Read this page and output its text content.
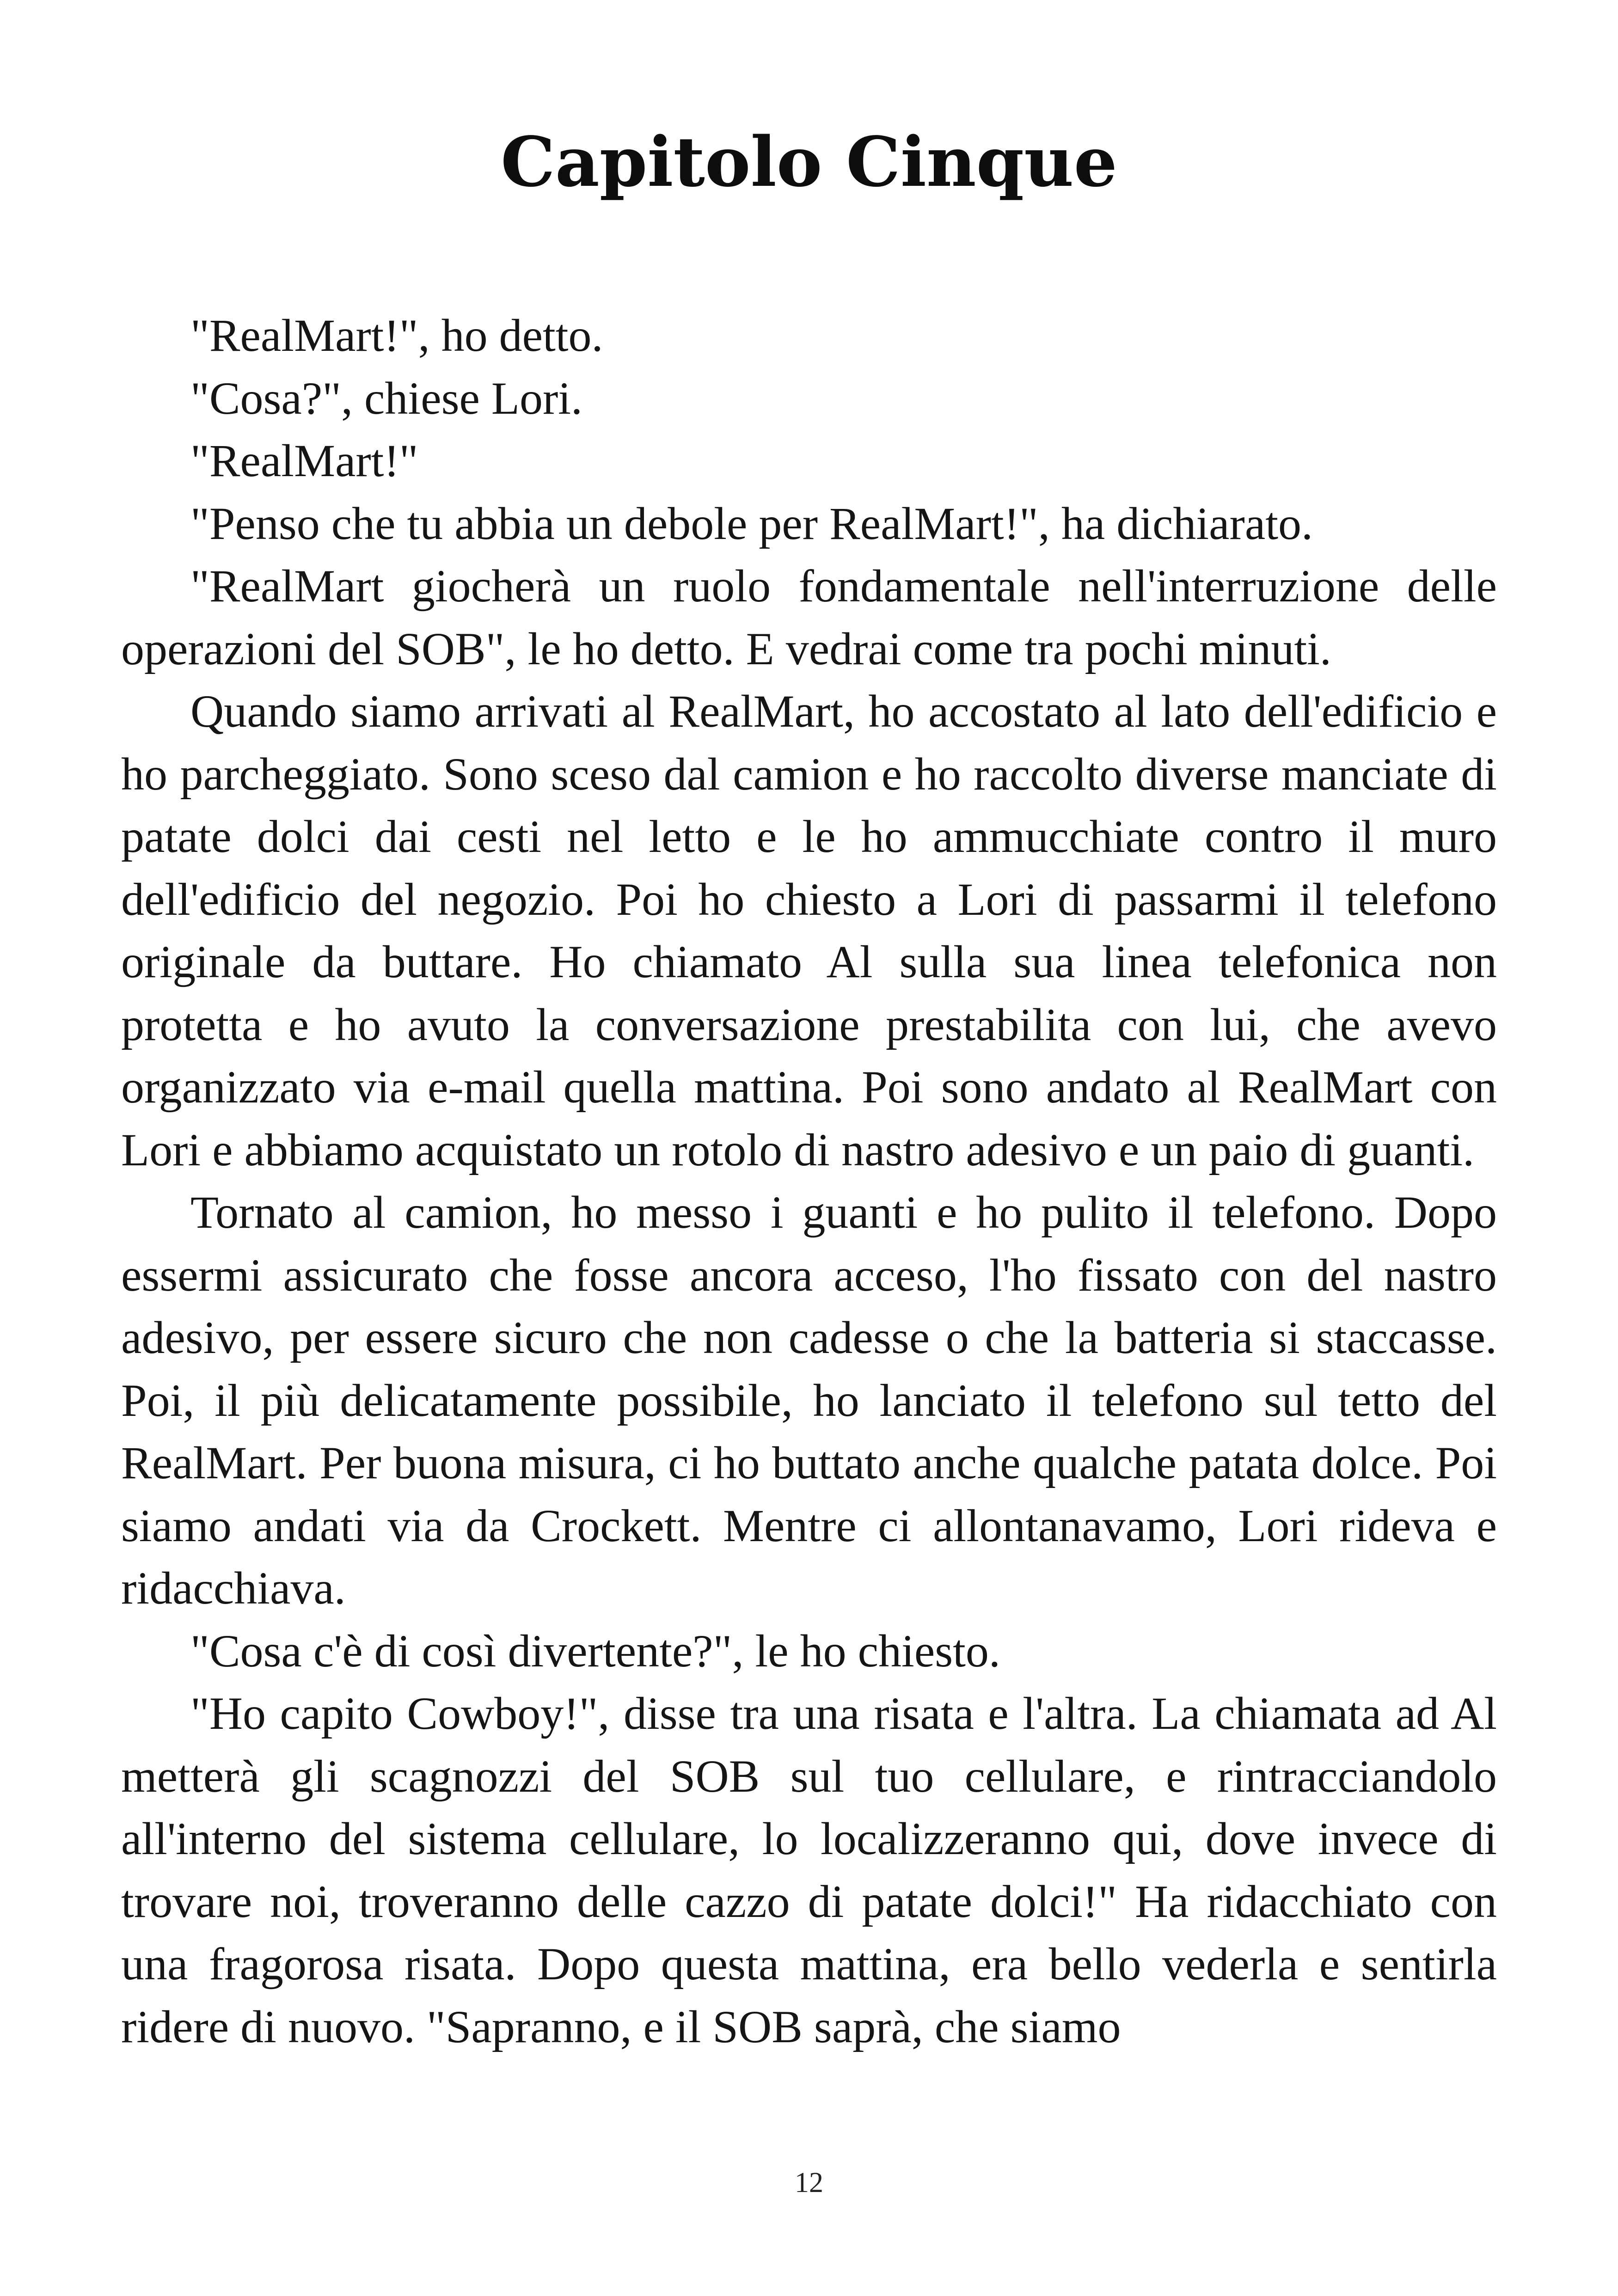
Capitolo Cinque

"RealMart!", ho detto.

"Cosa?", chiese Lori.

"RealMart!"

"Penso che tu abbia un debole per RealMart!", ha dichiarato.

"RealMart giocherà un ruolo fondamentale nell'interruzione delle operazioni del SOB", le ho detto. E vedrai come tra pochi minuti.

Quando siamo arrivati al RealMart, ho accostato al lato dell'edificio e ho parcheggiato. Sono sceso dal camion e ho raccolto diverse manciate di patate dolci dai cesti nel letto e le ho ammucchiate contro il muro dell'edificio del negozio. Poi ho chiesto a Lori di passarmi il telefono originale da buttare. Ho chiamato Al sulla sua linea telefonica non protetta e ho avuto la conversazione prestabilita con lui, che avevo organizzato via e-mail quella mattina. Poi sono andato al RealMart con Lori e abbiamo acquistato un rotolo di nastro adesivo e un paio di guanti.

Tornato al camion, ho messo i guanti e ho pulito il telefono. Dopo essermi assicurato che fosse ancora acceso, l'ho fissato con del nastro adesivo, per essere sicuro che non cadesse o che la batteria si staccasse. Poi, il più delicatamente possibile, ho lanciato il telefono sul tetto del RealMart. Per buona misura, ci ho buttato anche qualche patata dolce. Poi siamo andati via da Crockett. Mentre ci allontanavamo, Lori rideva e ridacchiava.

"Cosa c'è di così divertente?", le ho chiesto.

"Ho capito Cowboy!", disse tra una risata e l'altra. La chiamata ad Al metterà gli scagnozzi del SOB sul tuo cellulare, e rintracciandolo all'interno del sistema cellulare, lo localizzeranno qui, dove invece di trovare noi, troveranno delle cazzo di patate dolci!" Ha ridacchiato con una fragorosa risata. Dopo questa mattina, era bello vederla e sentirla ridere di nuovo. "Sapranno, e il SOB saprà, che siamo

12
